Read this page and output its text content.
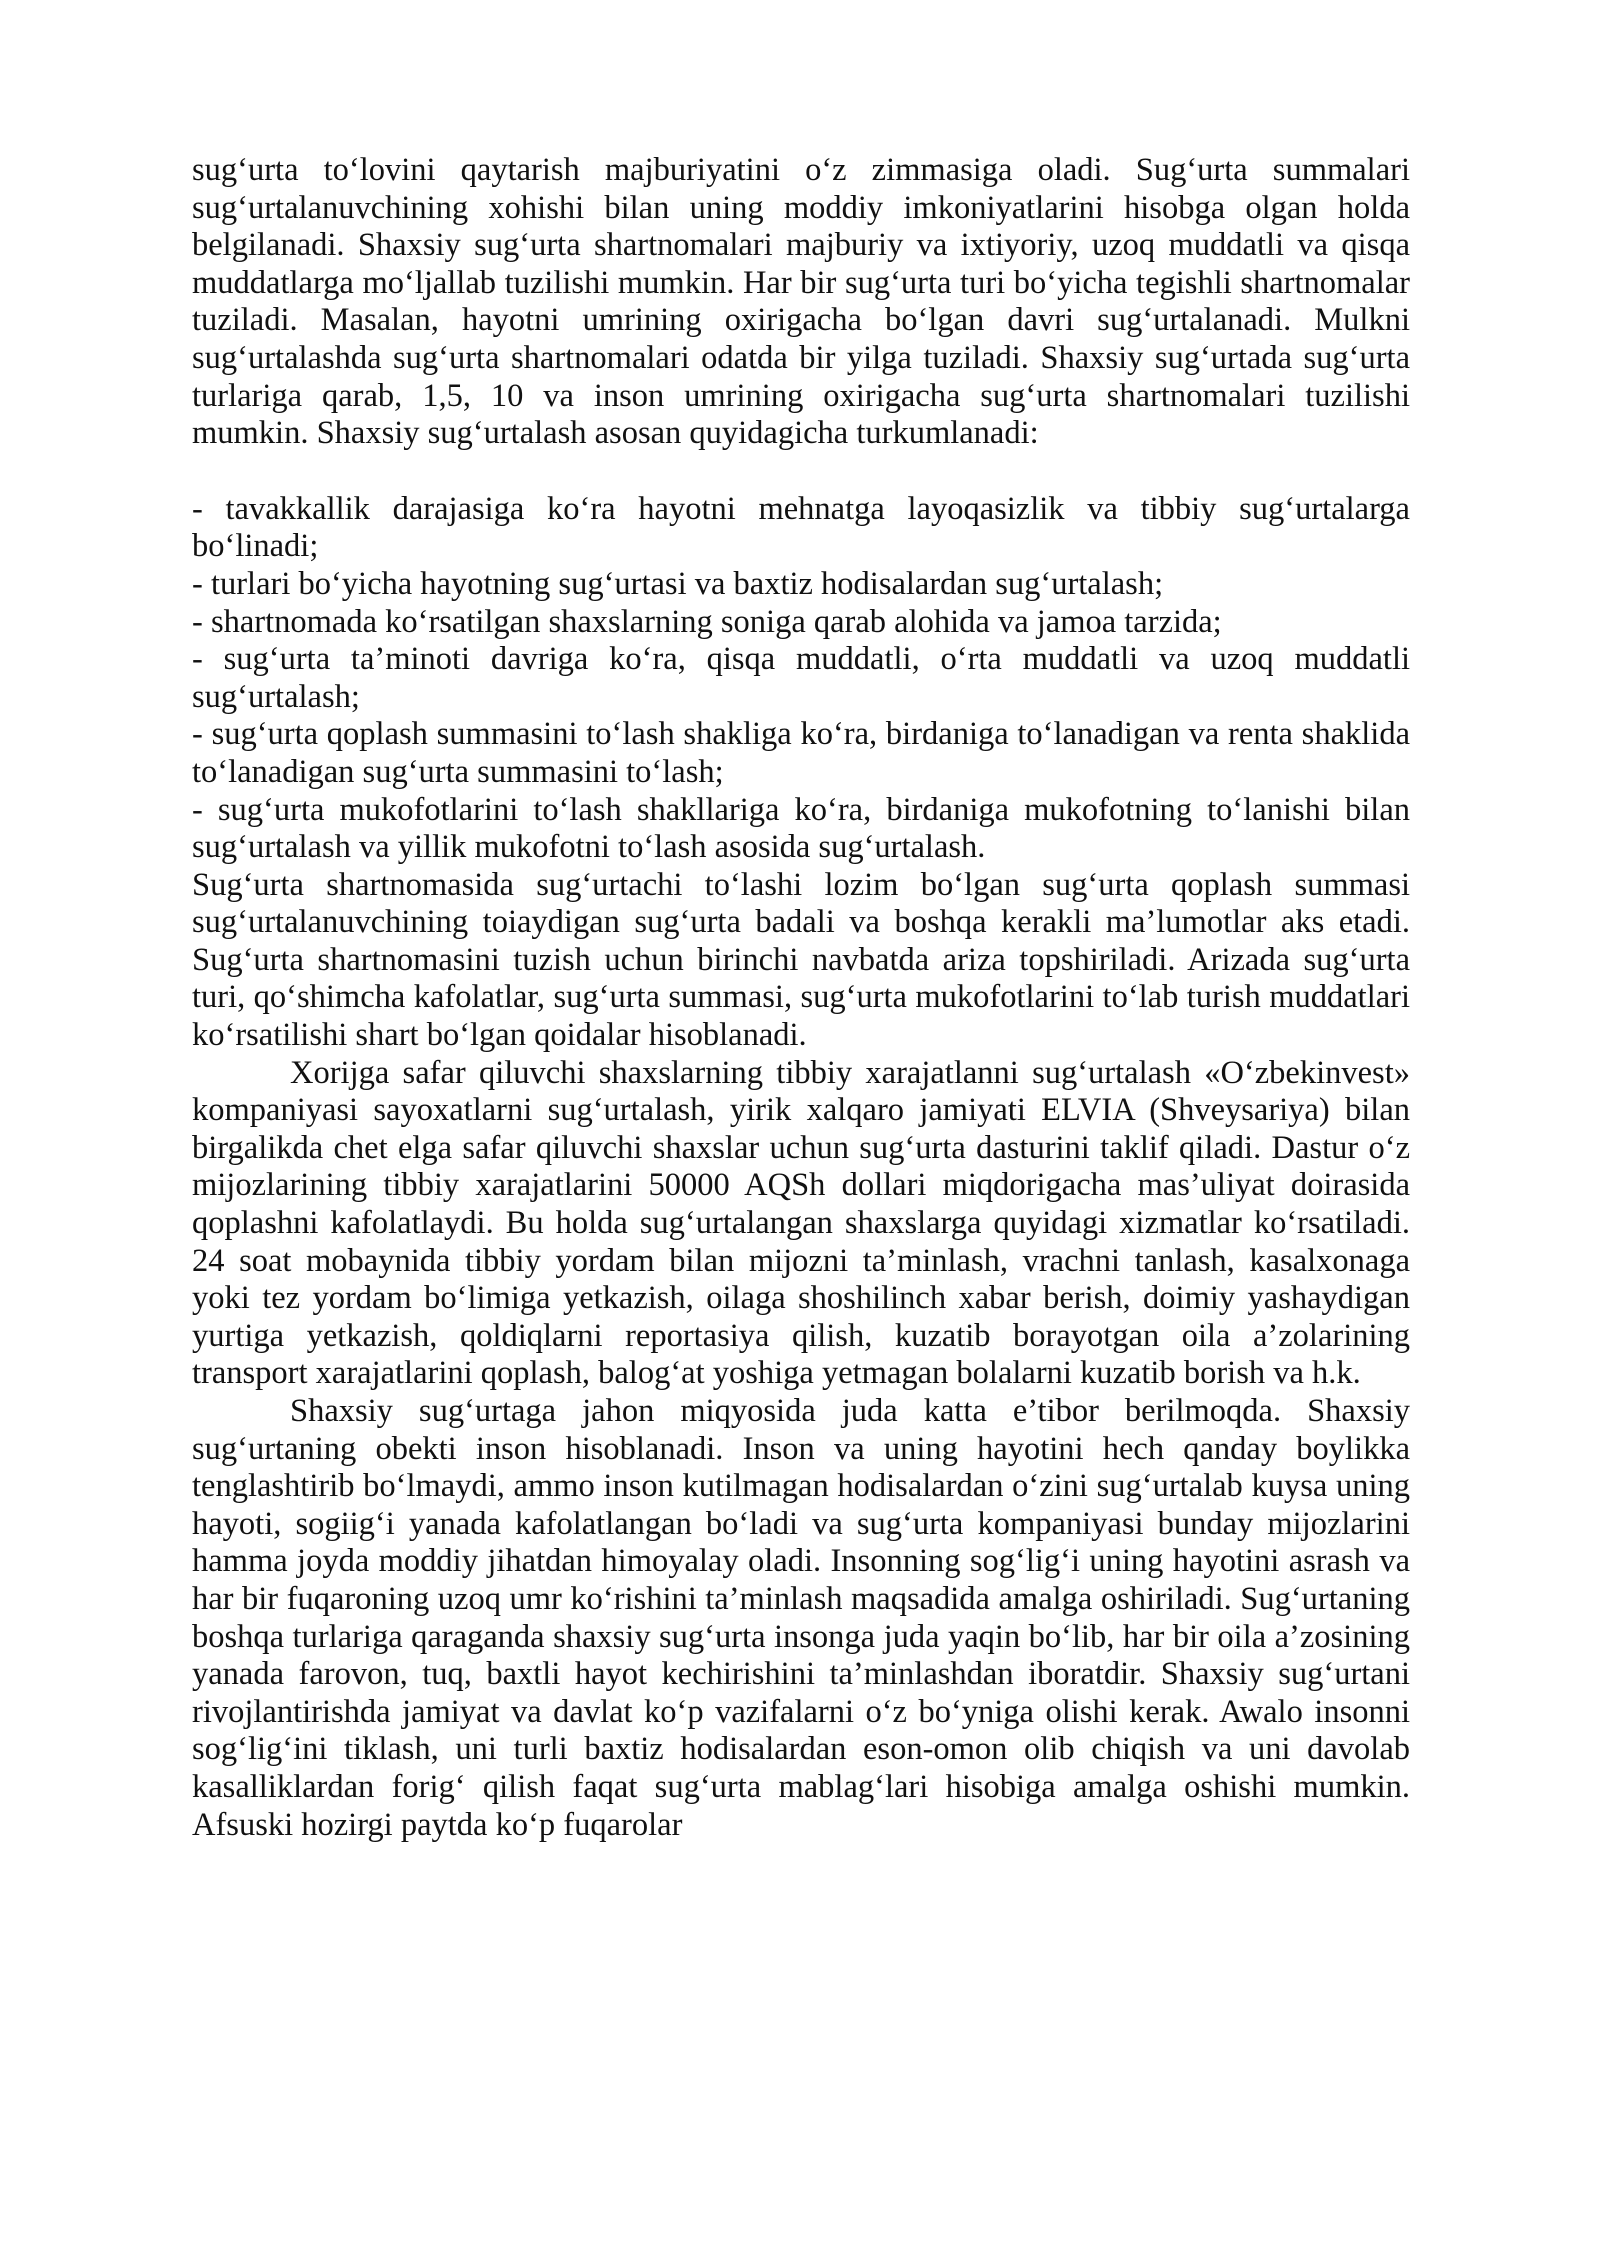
sug‘urta to‘lovini qaytarish majburiyatini o‘z zimmasiga oladi. Sug‘urta summalari sug‘urtalanuvchining xohishi bilan uning moddiy imkoniyatlarini hisobga olgan holda belgilanadi. Shaxsiy sug‘urta shartnomalari majburiy va ixtiyoriy, uzoq muddatli va qisqa muddatlarga mo‘ljallab tuzilishi mumkin. Har bir sug‘urta turi bo‘yicha tegishli shartnomalar tuziladi. Masalan, hayotni umrining oxirigacha bo‘lgan davri sug‘urtalanadi. Mulkni sug‘urtalashda sug‘urta shartnomalari odatda bir yilga tuziladi. Shaxsiy sug‘urtada sug‘urta turlariga qarab, 1,5, 10 va inson umrining oxirigacha sug‘urta shartnomalari tuzilishi mumkin. Shaxsiy sug‘urtalash asosan quyidagicha turkumlanadi:

- tavakkallik darajasiga ko‘ra hayotni mehnatga layoqasizlik va tibbiy sug‘urtalarga bo‘linadi;
- turlari bo‘yicha hayotning sug‘urtasi va baxtiz hodisalardan sug‘urtalash;
- shartnomada ko‘rsatilgan shaxslarning soniga qarab alohida va jamoa tarzida;
- sug‘urta ta’minoti davriga ko‘ra, qisqa muddatli, o‘rta muddatli va uzoq muddatli sug‘urtalash;
- sug‘urta qoplash summasini to‘lash shakliga ko‘ra, birdaniga to‘lanadigan va renta shaklida to‘lanadigan sug‘urta summasini to‘lash;
- sug‘urta mukofotlarini to‘lash shakllariga ko‘ra, birdaniga mukofotning to‘lanishi bilan sug‘urtalash va yillik mukofotni to‘lash asosida sug‘urtalash.

Sug‘urta shartnomasida sug‘urtachi to‘lashi lozim bo‘lgan sug‘urta qoplash summasi sug‘urtalanuvchining toiaydigan sug‘urta badali va boshqa kerakli ma’lumotlar aks etadi. Sug‘urta shartnomasini tuzish uchun birinchi navbatda ariza topshiriladi. Arizada sug‘urta turi, qo‘shimcha kafolatlar, sug‘urta summasi, sug‘urta mukofotlarini to‘lab turish muddatlari ko‘rsatilishi shart bo‘lgan qoidalar hisoblanadi.

Xorijga safar qiluvchi shaxslarning tibbiy xarajatlanni sug‘urtalash «O‘zbekinvest» kompaniyasi sayoxatlarni sug‘urtalash, yirik xalqaro jamiyati ELVIA (Shveysariya) bilan birgalikda chet elga safar qiluvchi shaxslar uchun sug‘urta dasturini taklif qiladi. Dastur o‘z mijozlarining tibbiy xarajatlarini 50000 AQSh dollari miqdorigacha mas’uliyat doirasida qoplashni kafolatlaydi. Bu holda sug‘urtalangan shaxslarga quyidagi xizmatlar ko‘rsatiladi. 24 soat mobaynida tibbiy yordam bilan mijozni ta’minlash, vrachni tanlash, kasalxonaga yoki tez yordam bo‘limiga yetkazish, oilaga shoshilinch xabar berish, doimiy yashaydigan yurtiga yetkazish, qoldiqlarni reportasiya qilish, kuzatib borayotgan oila a’zolarining transport xarajatlarini qoplash, balog‘at yoshiga yetmagan bolalarni kuzatib borish va h.k.

Shaxsiy sug‘urtaga jahon miqyosida juda katta e’tibor berilmoqda. Shaxsiy sug‘urtaning obekti inson hisoblanadi. Inson va uning hayotini hech qanday boylikka tenglashtirib bo‘lmaydi, ammo inson kutilmagan hodisalardan o‘zini sug‘urtalab kuysa uning hayoti, sogiig‘i yanada kafolatlangan bo‘ladi va sug‘urta kompaniyasi bunday mijozlarini hamma joyda moddiy jihatdan himoyalay oladi. Insonning sog‘lig‘i uning hayotini asrash va har bir fuqaroning uzoq umr ko‘rishini ta’minlash maqsadida amalga oshiriladi. Sug‘urtaning boshqa turlariga qaraganda shaxsiy sug‘urta insonga juda yaqin bo‘lib, har bir oila a’zosining yanada farovon, tuq, baxtli hayot kechirishini ta’minlashdan iboratdir. Shaxsiy sug‘urtani rivojlantirishda jamiyat va davlat ko‘p vazifalarni o‘z bo‘yniga olishi kerak. Awalo insonni sog‘lig‘ini tiklash, uni turli baxtiz hodisalardan eson-omon olib chiqish va uni davolab kasalliklardan forig‘ qilish faqat sug‘urta mablag‘lari hisobiga amalga oshishi mumkin. Afsuski hozirgi paytda ko‘p fuqarolar
